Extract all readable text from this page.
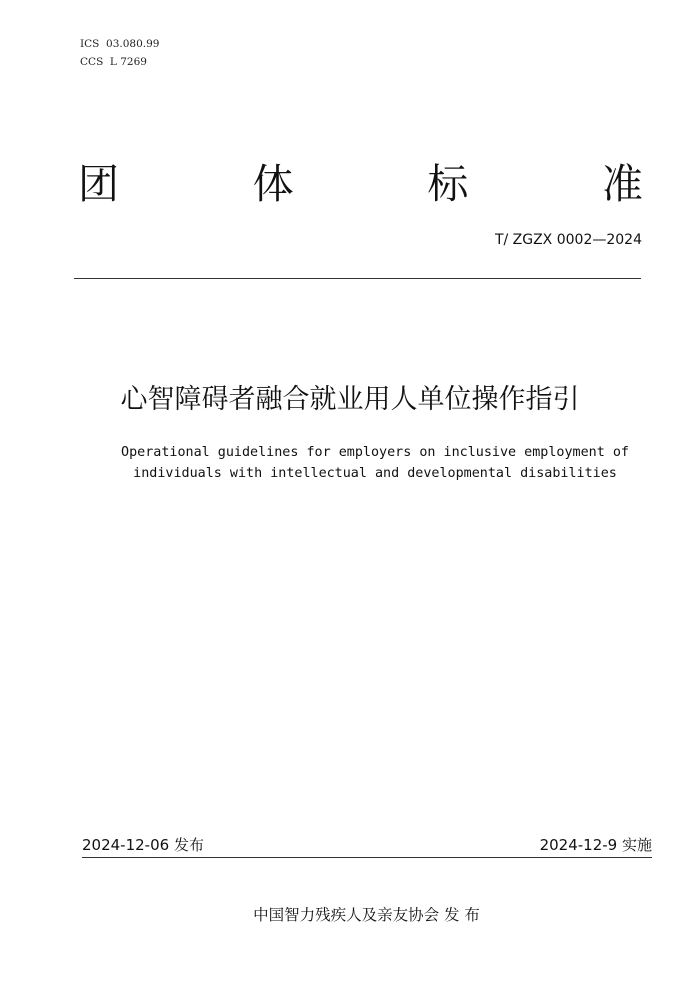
ICS  03.080.99
CCS  L 7269
团	体	标	准
T/ ZGZX 0002—2024
心智障碍者融合就业用人单位操作指引
Operational guidelines for employers on inclusive employment of
individuals with intellectual and developmental disabilities
2024-12-06 发布	2024-12-9 实施
中国智力残疾人及亲友协会 发 布
